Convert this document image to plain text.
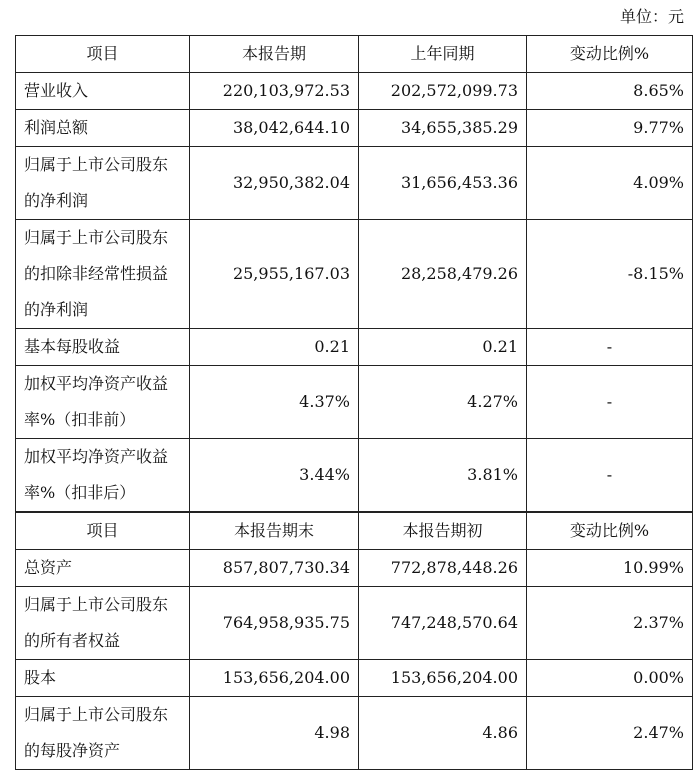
单位：元
项目	本报告期	上年同期	变动比例%
营业收入	220,103,972.53	202,572,099.73	8.65%
利润总额	38,042,644.10	34,655,385.29	9.77%
归属于上市公司股东的净利润	32,950,382.04	31,656,453.36	4.09%
归属于上市公司股东的扣除非经常性损益的净利润	25,955,167.03	28,258,479.26	-8.15%
基本每股收益	0.21	0.21	-
加权平均净资产收益率%（扣非前）	4.37%	4.27%	-
加权平均净资产收益率%（扣非后）	3.44%	3.81%	-
项目	本报告期末	本报告期初	变动比例%
总资产	857,807,730.34	772,878,448.26	10.99%
归属于上市公司股东的所有者权益	764,958,935.75	747,248,570.64	2.37%
股本	153,656,204.00	153,656,204.00	0.00%
归属于上市公司股东的每股净资产	4.98	4.86	2.47%
